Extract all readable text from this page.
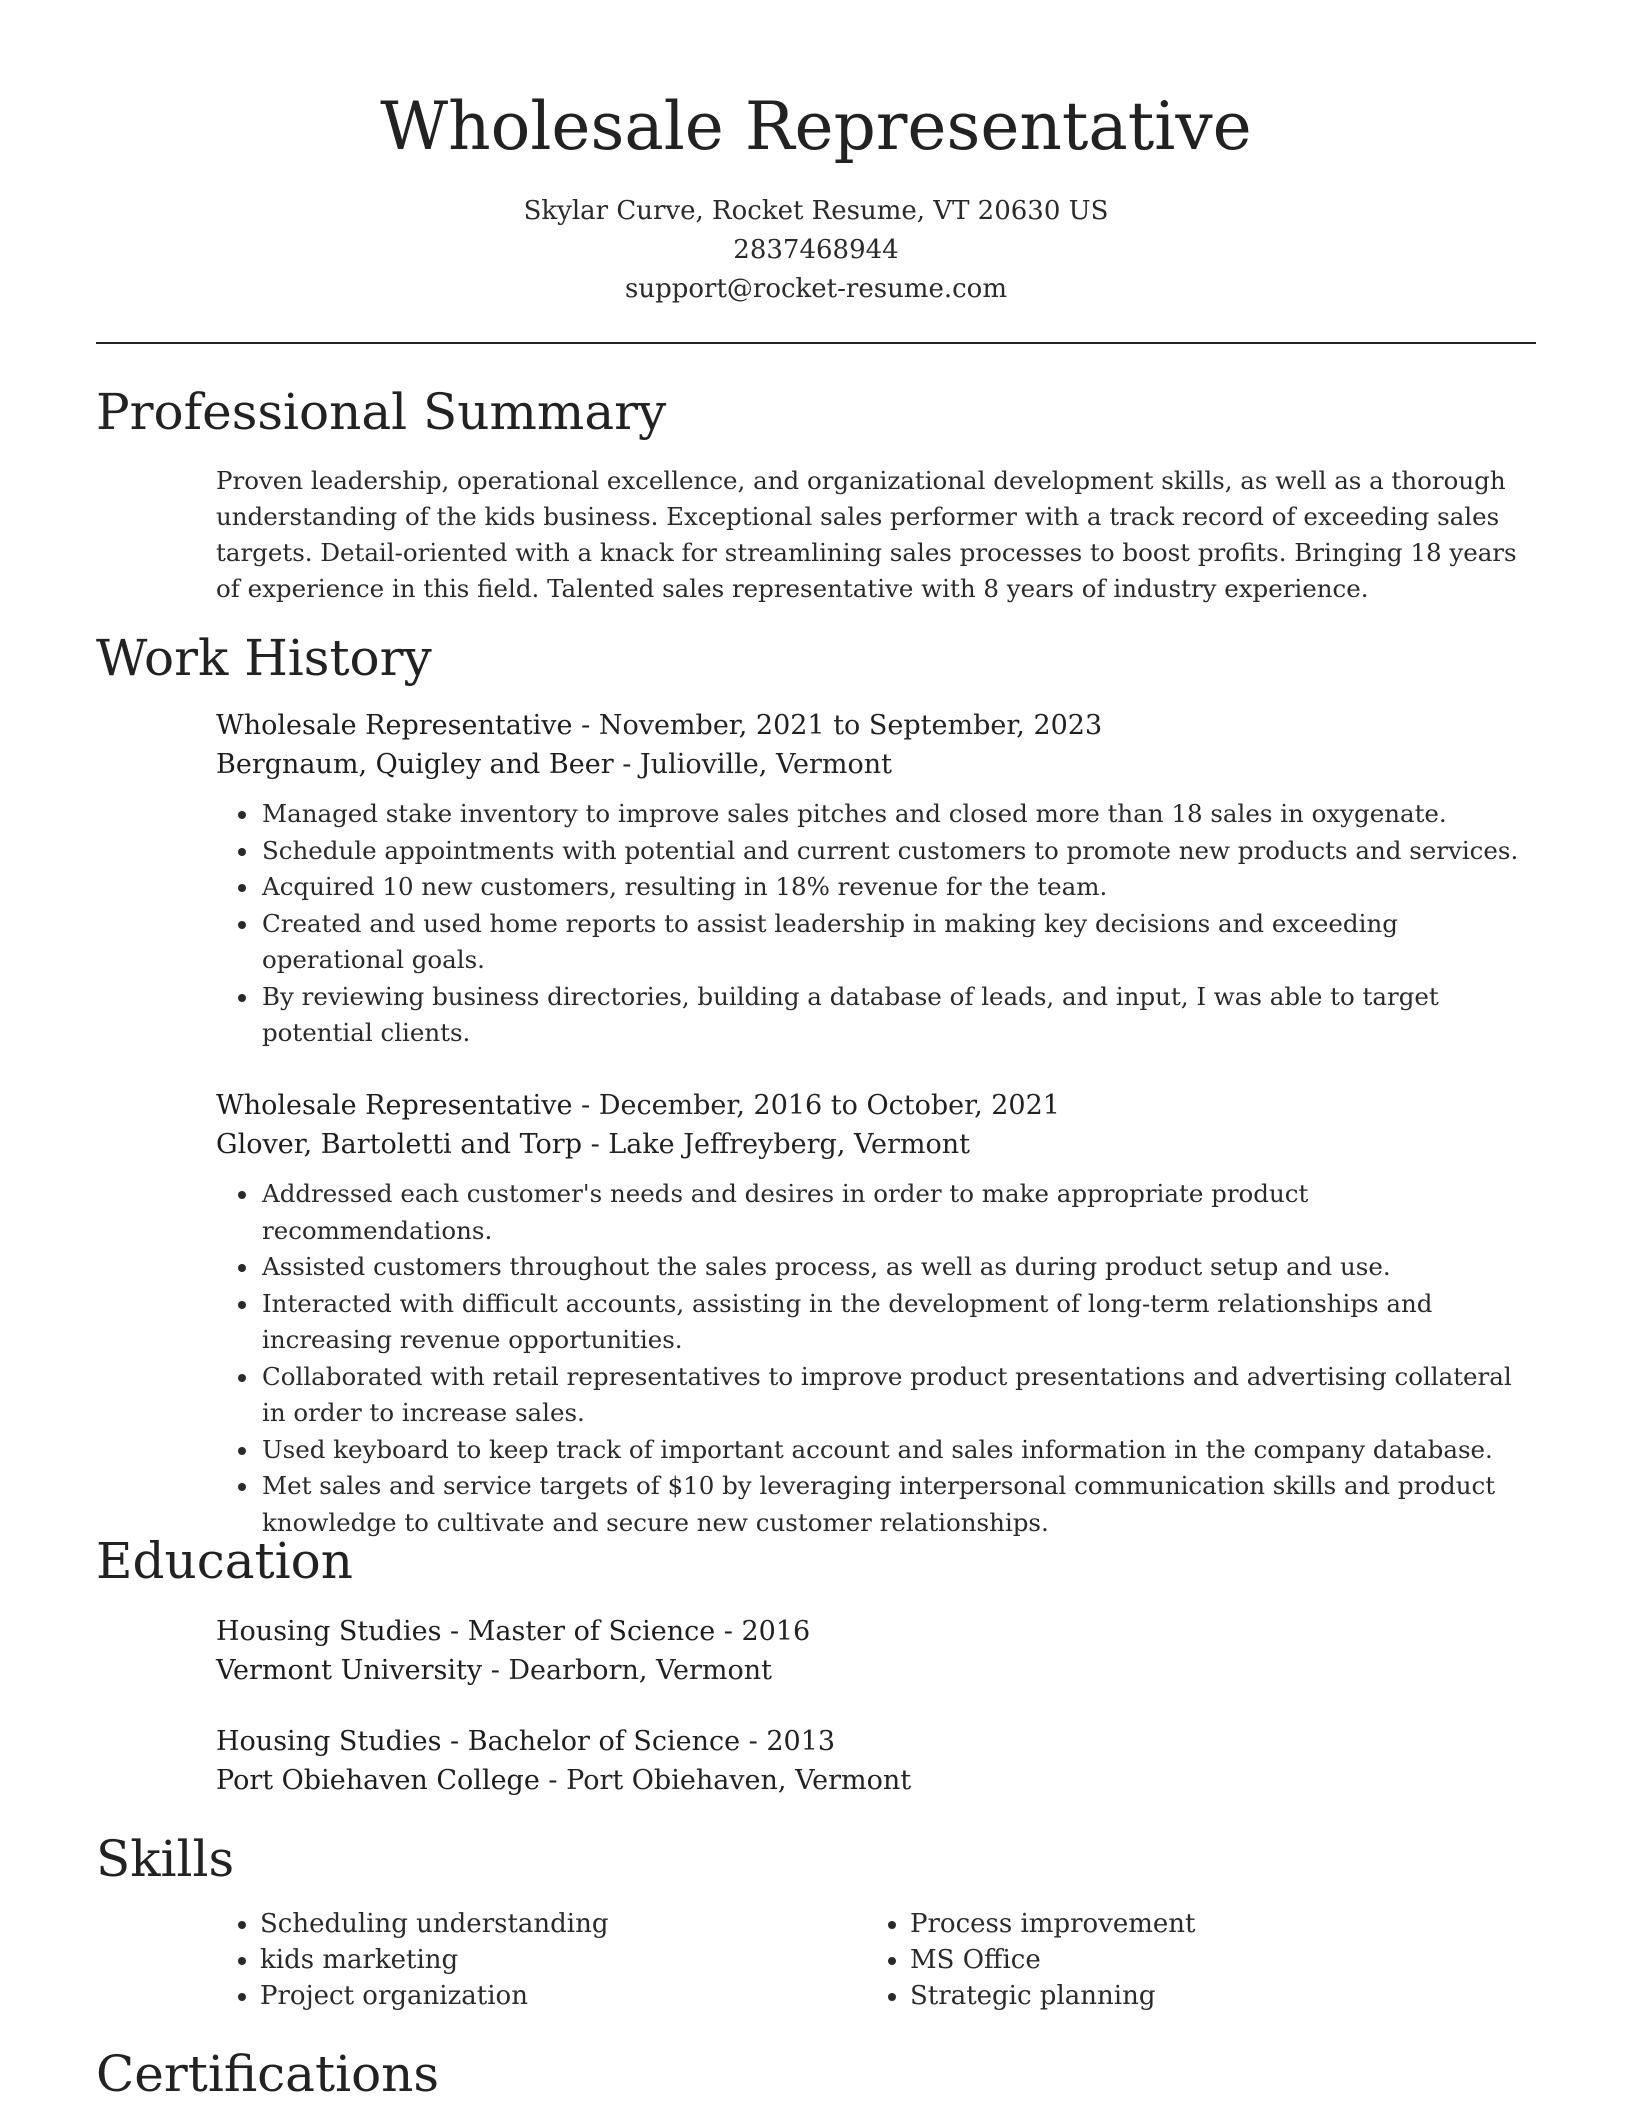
Wholesale Representative
Skylar Curve, Rocket Resume, VT 20630 US
2837468944
support@rocket-resume.com
Professional Summary
Proven leadership, operational excellence, and organizational development skills, as well as a thorough understanding of the kids business. Exceptional sales performer with a track record of exceeding sales targets. Detail-oriented with a knack for streamlining sales processes to boost profits. Bringing 18 years of experience in this field. Talented sales representative with 8 years of industry experience.
Work History
Wholesale Representative - November, 2021 to September, 2023
Bergnaum, Quigley and Beer - Julioville, Vermont
• Managed stake inventory to improve sales pitches and closed more than 18 sales in oxygenate.
• Schedule appointments with potential and current customers to promote new products and services.
• Acquired 10 new customers, resulting in 18% revenue for the team.
• Created and used home reports to assist leadership in making key decisions and exceeding operational goals.
• By reviewing business directories, building a database of leads, and input, I was able to target potential clients.
Wholesale Representative - December, 2016 to October, 2021
Glover, Bartoletti and Torp - Lake Jeffreyberg, Vermont
• Addressed each customer's needs and desires in order to make appropriate product recommendations.
• Assisted customers throughout the sales process, as well as during product setup and use.
• Interacted with difficult accounts, assisting in the development of long-term relationships and increasing revenue opportunities.
• Collaborated with retail representatives to improve product presentations and advertising collateral in order to increase sales.
• Used keyboard to keep track of important account and sales information in the company database.
• Met sales and service targets of $10 by leveraging interpersonal communication skills and product knowledge to cultivate and secure new customer relationships.
Education
Housing Studies - Master of Science - 2016
Vermont University - Dearborn, Vermont
Housing Studies - Bachelor of Science - 2013
Port Obiehaven College - Port Obiehaven, Vermont
Skills
• Scheduling understanding
• kids marketing
• Project organization
• Process improvement
• MS Office
• Strategic planning
Certifications
